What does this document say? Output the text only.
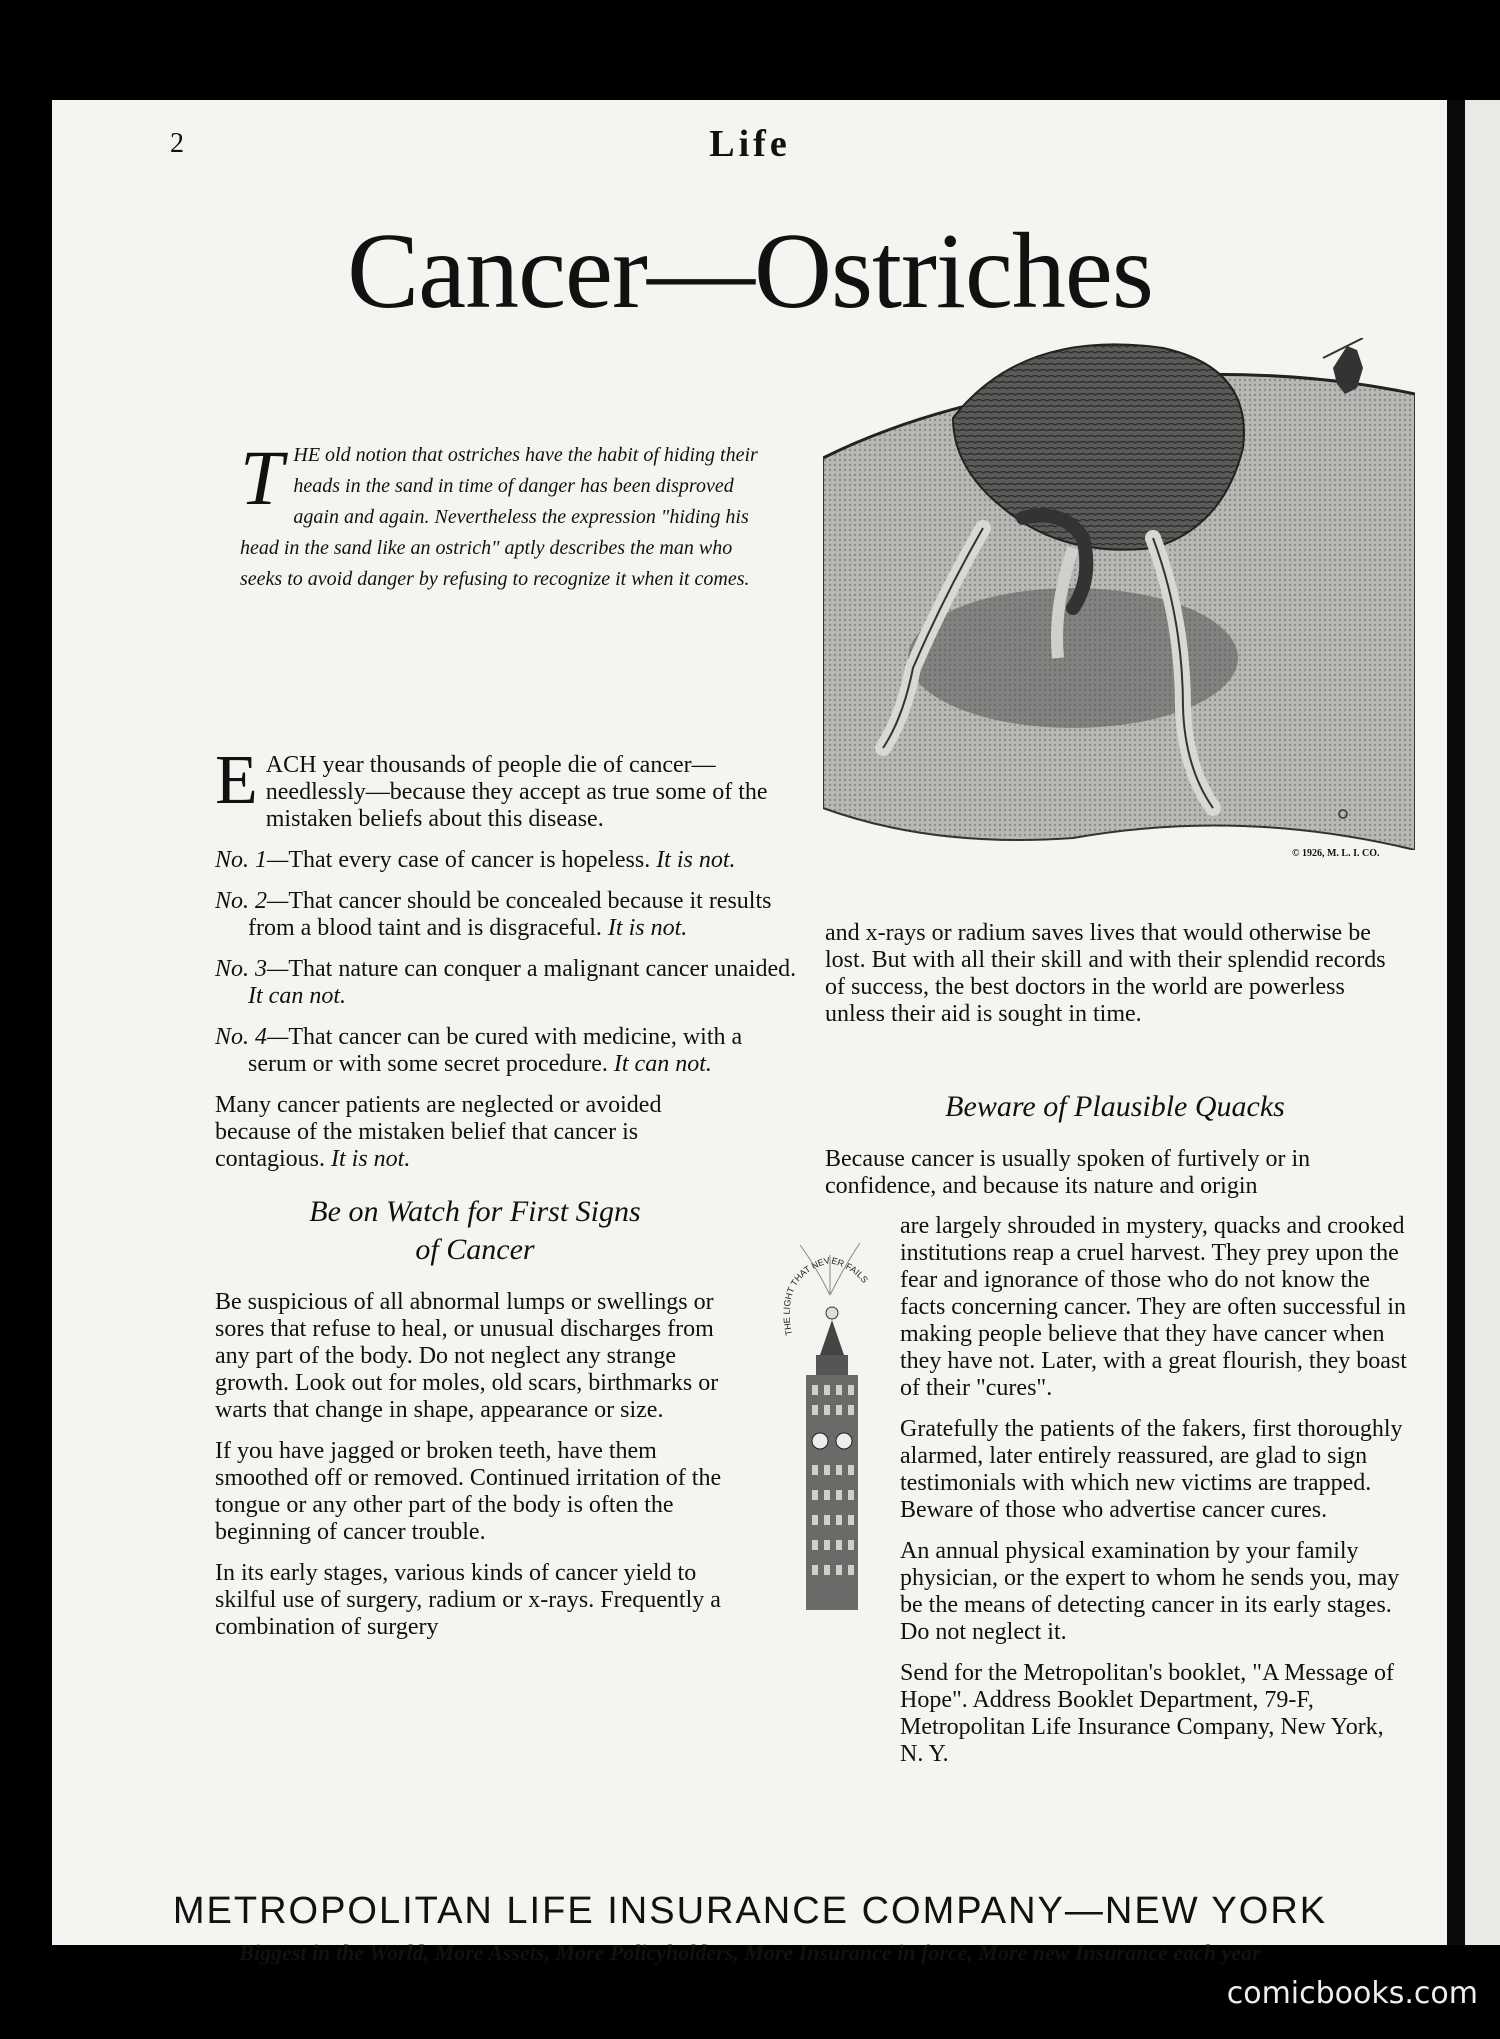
2	Life
Cancer—Ostriches
T HE old notion that ostriches have the habit of hiding their heads in the sand in time of danger has been disproved again and again. Nevertheless the expression "hiding his head in the sand like an ostrich" aptly describes the man who seeks to avoid danger by refusing to recognize it when it comes.
© 1926, M. L. I. CO.

E ACH year thousands of people die of cancer—needlessly—because they accept as true some of the mistaken beliefs about this disease.

No. 1—That every case of cancer is hopeless. It is not.

No. 2—That cancer should be concealed because it results from a blood taint and is disgraceful. It is not.

No. 3—That nature can conquer a malignant cancer unaided. It can not.

No. 4—That cancer can be cured with medicine, with a serum or with some secret procedure. It can not.

Many cancer patients are neglected or avoided because of the mistaken belief that cancer is contagious. It is not.

Be on Watch for First Signs
of Cancer

Be suspicious of all abnormal lumps or swellings or sores that refuse to heal, or unusual discharges from any part of the body. Do not neglect any strange growth. Look out for moles, old scars, birthmarks or warts that change in shape, appearance or size.

If you have jagged or broken teeth, have them smoothed off or removed. Continued irritation of the tongue or any other part of the body is often the beginning of cancer trouble.

In its early stages, various kinds of cancer yield to skilful use of surgery, radium or x-rays. Frequently a combination of surgery

and x-rays or radium saves lives that would otherwise be lost. But with all their skill and with their splendid records of success, the best doctors in the world are powerless unless their aid is sought in time.

Beware of Plausible Quacks

Because cancer is usually spoken of furtively or in confidence, and because its nature and origin

are largely shrouded in mystery, quacks and crooked institutions reap a cruel harvest. They prey upon the fear and ignorance of those who do not know the facts concerning cancer. They are often successful in making people believe that they have cancer when they have not. Later, with a great flourish, they boast of their "cures".

Gratefully the patients of the fakers, first thoroughly alarmed, later entirely reassured, are glad to sign testimonials with which new victims are trapped. Beware of those who advertise cancer cures.

An annual physical examination by your family physician, or the expert to whom he sends you, may be the means of detecting cancer in its early stages. Do not neglect it.

Send for the Metropolitan's booklet, "A Message of Hope". Address Booklet Department, 79-F, Metropolitan Life Insurance Company, New York, N. Y.

THE LIGHT THAT NEVER FAILS
METROPOLITAN LIFE INSURANCE COMPANY—NEW YORK
Biggest in the World, More Assets, More Policyholders, More Insurance in force, More new Insurance each year
comicbooks.com
